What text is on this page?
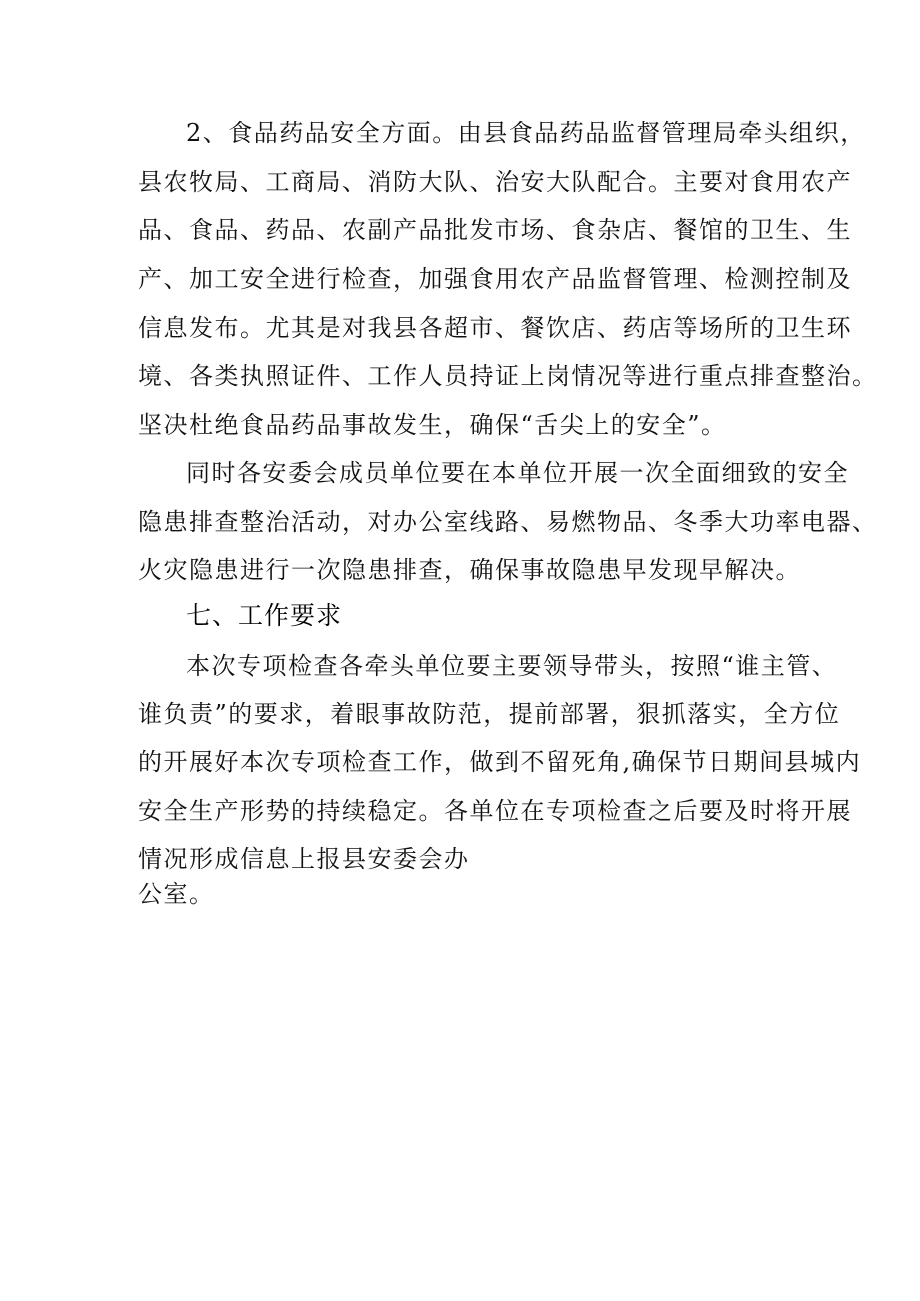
2、食品药品安全方面。由县食品药品监督管理局牵头组织，
县农牧局、工商局、消防大队、治安大队配合。主要对食用农产
品、食品、药品、农副产品批发市场、食杂店、餐馆的卫生、生
产、加工安全进行检查，加强食用农产品监督管理、检测控制及
信息发布。尤其是对我县各超市、餐饮店、药店等场所的卫生环
境、各类执照证件、工作人员持证上岗情况等进行重点排查整治。
坚决杜绝食品药品事故发生，确保“舌尖上的安全”。
同时各安委会成员单位要在本单位开展一次全面细致的安全
隐患排查整治活动，对办公室线路、易燃物品、冬季大功率电器、
火灾隐患进行一次隐患排查，确保事故隐患早发现早解决。
七、工作要求
本次专项检查各牵头单位要主要领导带头，按照“谁主管、
谁负责”的要求，着眼事故防范，提前部署，狠抓落实，全方位
的开展好本次专项检查工作，做到不留死角,确保节日期间县城内
安全生产形势的持续稳定。各单位在专项检查之后要及时将开展
情况形成信息上报县安委会办
公室。
